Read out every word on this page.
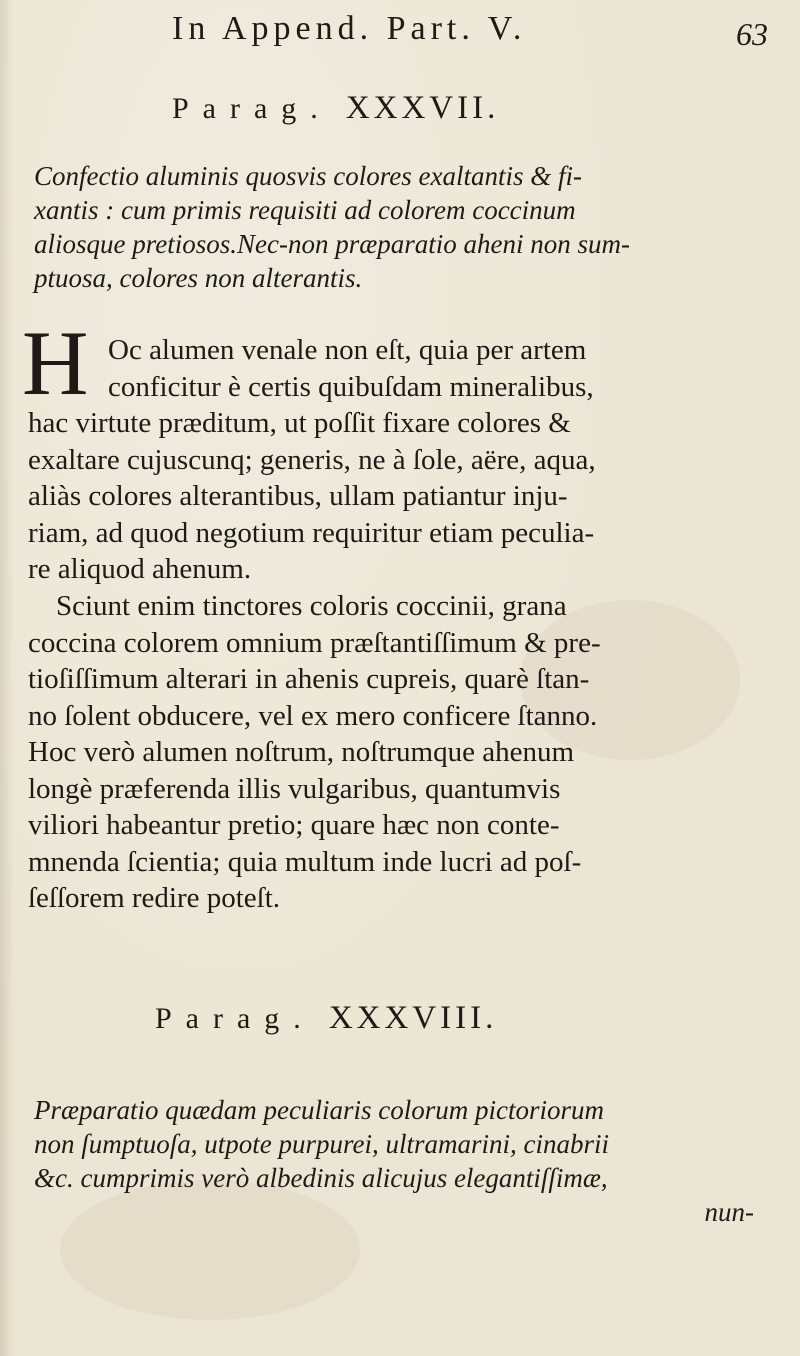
In Append. Part. V.	63
Parag. XXXVII.
Confectio aluminis quosvis colores exaltantis & fi-
xantis : cum primis requisiti ad colorem coccinum
aliosque pretiosos.Nec-non præparatio aheni non sum-
ptuosa, colores non alterantis.
H Oc alumen venale non eſt, quia per artem
conficitur è certis quibuſdam mineralibus,
hac virtute præditum, ut poſſit fixare colores &
exaltare cujuscunq; generis, ne à ſole, aëre, aqua,
aliàs colores alterantibus, ullam patiantur inju-
riam, ad quod negotium requiritur etiam peculia-
re aliquod ahenum.
Sciunt enim tinctores coloris coccinii, grana
coccina colorem omnium præſtantiſſimum & pre-
tioſiſſimum alterari in ahenis cupreis, quarè ſtan-
no ſolent obducere, vel ex mero conficere ſtanno.
Hoc verò alumen noſtrum, noſtrumque ahenum
longè præferenda illis vulgaribus, quantumvis
viliori habeantur pretio; quare hæc non conte-
mnenda ſcientia; quia multum inde lucri ad poſ-
ſeſſorem redire poteſt.
Parag. XXXVIII.
Præparatio quædam peculiaris colorum pictoriorum
non ſumptuoſa, utpote purpurei, ultramarini, cinabrii
&c. cumprimis verò albedinis alicujus elegantiſſimæ,
nun-
